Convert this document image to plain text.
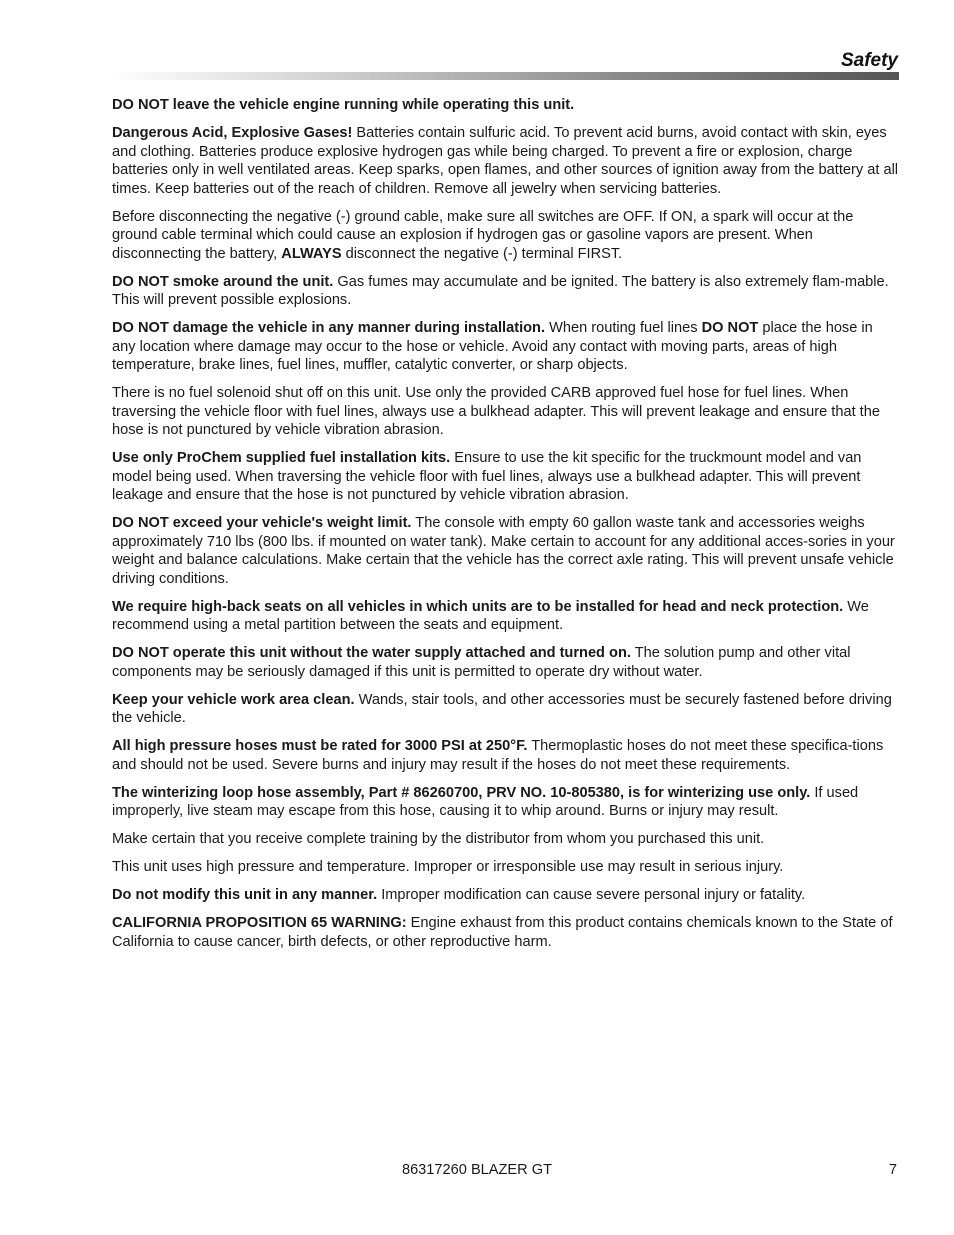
Safety

DO NOT leave the vehicle engine running while operating this unit.

Dangerous Acid, Explosive Gases! Batteries contain sulfuric acid. To prevent acid burns, avoid contact with skin, eyes and clothing. Batteries produce explosive hydrogen gas while being charged. To prevent a fire or explosion, charge batteries only in well ventilated areas. Keep sparks, open flames, and other sources of ignition away from the battery at all times. Keep batteries out of the reach of children. Remove all jewelry when servicing batteries.

Before disconnecting the negative (-) ground cable, make sure all switches are OFF. If ON, a spark will occur at the ground cable terminal which could cause an explosion if hydrogen gas or gasoline vapors are present. When disconnecting the battery, ALWAYS disconnect the negative (-) terminal FIRST.

DO NOT smoke around the unit. Gas fumes may accumulate and be ignited. The battery is also extremely flam-mable. This will prevent possible explosions.

DO NOT damage the vehicle in any manner during installation. When routing fuel lines DO NOT place the hose in any location where damage may occur to the hose or vehicle. Avoid any contact with moving parts, areas of high temperature, brake lines, fuel lines, muffler, catalytic converter, or sharp objects.

There is no fuel solenoid shut off on this unit. Use only the provided CARB approved fuel hose for fuel lines. When traversing the vehicle floor with fuel lines, always use a bulkhead adapter. This will prevent leakage and ensure that the hose is not punctured by vehicle vibration abrasion.

Use only ProChem supplied fuel installation kits. Ensure to use the kit specific for the truckmount model and van model being used. When traversing the vehicle floor with fuel lines, always use a bulkhead adapter. This will prevent leakage and ensure that the hose is not punctured by vehicle vibration abrasion.

DO NOT exceed your vehicle's weight limit. The console with empty 60 gallon waste tank and accessories weighs approximately 710 lbs (800 lbs. if mounted on water tank). Make certain to account for any additional acces-sories in your weight and balance calculations. Make certain that the vehicle has the correct axle rating. This will prevent unsafe vehicle driving conditions.

We require high-back seats on all vehicles in which units are to be installed for head and neck protection. We recommend using a metal partition between the seats and equipment.

DO NOT operate this unit without the water supply attached and turned on. The solution pump and other vital components may be seriously damaged if this unit is permitted to operate dry without water.

Keep your vehicle work area clean. Wands, stair tools, and other accessories must be securely fastened before driving the vehicle.

All high pressure hoses must be rated for 3000 PSI at 250°F. Thermoplastic hoses do not meet these specifica-tions and should not be used. Severe burns and injury may result if the hoses do not meet these requirements.

The winterizing loop hose assembly, Part # 86260700, PRV NO. 10-805380, is for winterizing use only. If used improperly, live steam may escape from this hose, causing it to whip around. Burns or injury may result.

Make certain that you receive complete training by the distributor from whom you purchased this unit.

This unit uses high pressure and temperature. Improper or irresponsible use may result in serious injury.

Do not modify this unit in any manner. Improper modification can cause severe personal injury or fatality.

CALIFORNIA PROPOSITION 65 WARNING: Engine exhaust from this product contains chemicals known to the State of California to cause cancer, birth defects, or other reproductive harm.

86317260 BLAZER GT	7
